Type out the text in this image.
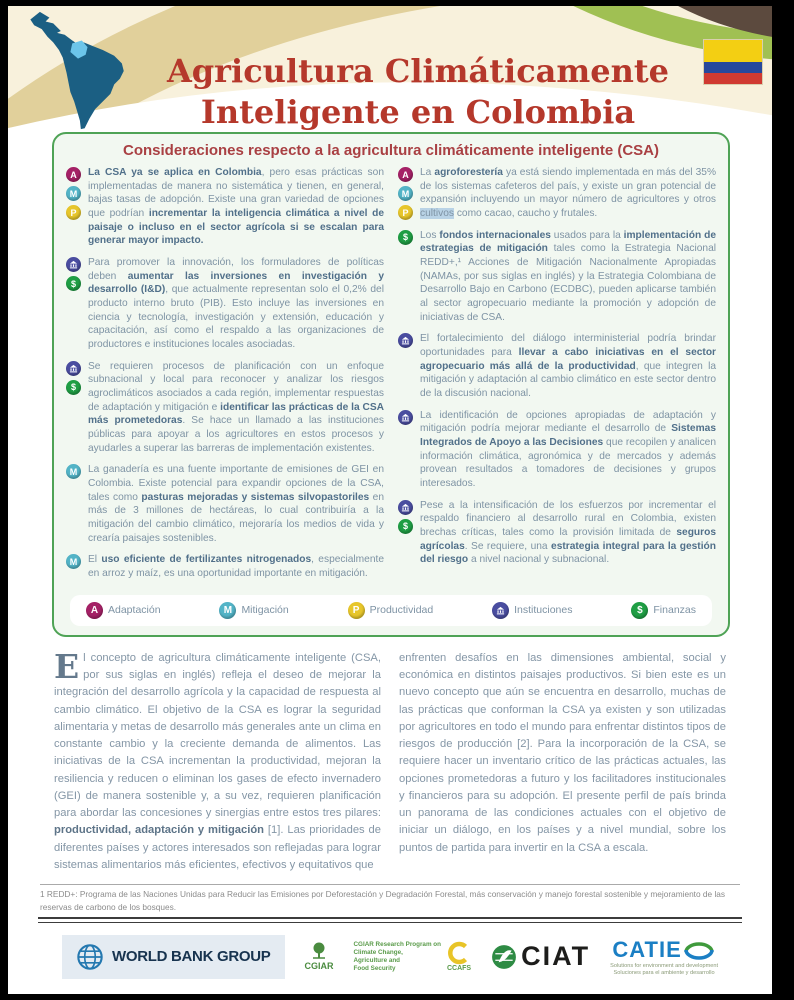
Agricultura Climáticamente
Inteligente en Colombia
Consideraciones respecto a la agricultura climáticamente inteligente (CSA)
A
M
P

La CSA ya se aplica en Colombia, pero esas prácticas son implementadas de manera no sistemática y tienen, en general, bajas tasas de adopción. Existe una gran variedad de opciones que podrían incrementar la inteligencia climática a nivel de paisaje o incluso en el sector agrícola si se escalan para generar mayor impacto.

$

Para promover la innovación, los formuladores de políticas deben aumentar las inversiones en investigación y desarrollo (I&D), que actualmente representan solo el 0,2% del producto interno bruto (PIB). Esto incluye las inversiones en ciencia y tecnología, investigación y extensión, educación y capacitación, así como el respaldo a las organizaciones de productores e instituciones locales asociadas.

$

Se requieren procesos de planificación con un enfoque subnacional y local para reconocer y analizar los riesgos agroclimáticos asociados a cada región, implementar respuestas de adaptación y mitigación e identificar las prácticas de la CSA más prometedoras. Se hace un llamado a las instituciones públicas para apoyar a los agricultores en estos procesos y ayudarles a superar las barreras de implementación existentes.

M	La ganadería es una fuente importante de emisiones de GEI en Colombia. Existe potencial para expandir opciones de la CSA, tales como pasturas mejoradas y sistemas silvopastoriles en más de 3 millones de hectáreas, lo cual contribuiría a la mitigación del cambio climático, mejoraría los medios de vida y crearía paisajes sostenibles.

M	El uso eficiente de fertilizantes nitrogenados, especialmente en arroz y maíz, es una oportunidad importante en mitigación.

A
M
P

La agroforestería ya está siendo implementada en más del 35% de los sistemas cafeteros del país, y existe un gran potencial de expansión incluyendo un mayor número de agricultores y otros cultivos como cacao, caucho y frutales.

$	Los fondos internacionales usados para la implementación de estrategias de mitigación tales como la Estrategia Nacional REDD+,¹ Acciones de Mitigación Nacionalmente Apropiadas (NAMAs, por sus siglas en inglés) y la Estrategia Colombiana de Desarrollo Bajo en Carbono (ECDBC), pueden aplicarse también al sector agropecuario mediante la promoción y adopción de iniciativas de CSA.

El fortalecimiento del diálogo interministerial podría brindar oportunidades para llevar a cabo iniciativas en el sector agropecuario más allá de la productividad, que integren la mitigación y adaptación al cambio climático en este sector dentro de la discusión nacional.

La identificación de opciones apropiadas de adaptación y mitigación podría mejorar mediante el desarrollo de Sistemas Integrados de Apoyo a las Decisiones que recopilen y analicen información climática, agronómica y de mercados y además provean resultados a tomadores de decisiones y grupos interesados.

$

Pese a la intensificación de los esfuerzos por incrementar el respaldo financiero al desarrollo rural en Colombia, existen brechas críticas, tales como la provisión limitada de seguros agrícolas. Se requiere, una estrategia integral para la gestión del riesgo a nivel nacional y subnacional.

A Adaptación	M Mitigación	P Productividad	Instituciones	$	Finanzas
El concepto de agricultura climáticamente inteligente (CSA, por sus siglas en inglés) refleja el deseo de mejorar la integración del desarrollo agrícola y la capacidad de respuesta al cambio climático. El objetivo de la CSA es lograr la seguridad alimentaria y metas de desarrollo más generales ante un clima en constante cambio y la creciente demanda de alimentos. Las iniciativas de la CSA incrementan la productividad, mejoran la resiliencia y reducen o eliminan los gases de efecto invernadero (GEI) de manera sostenible y, a su vez, requieren planificación para abordar las concesiones y sinergias entre estos tres pilares: productividad, adaptación y mitigación [1]. Las prioridades de diferentes países y actores interesados son reflejadas para lograr sistemas alimentarios más eficientes, efectivos y equitativos que
enfrenten desafíos en las dimensiones ambiental, social y económica en distintos paisajes productivos. Si bien este es un nuevo concepto que aún se encuentra en desarrollo, muchas de las prácticas que conforman la CSA ya existen y son utilizadas por agricultores en todo el mundo para enfrentar distintos tipos de riesgos de producción [2]. Para la incorporación de la CSA, se requiere hacer un inventario crítico de las prácticas actuales, las opciones prometedoras a futuro y los facilitadores institucionales y financieros para su adopción. El presente perfil de país brinda un panorama de las condiciones actuales con el objetivo de iniciar un diálogo, en los países y a nivel mundial, sobre los puntos de partida para invertir en la CSA a escala.

1 REDD+: Programa de las Naciones Unidas para Reducir las Emisiones por Deforestación y Degradación Forestal, más conservación y manejo forestal sostenible y mejoramiento de las reservas de carbono de los bosques.

WORLD BANK GROUP
CGIAR
CGIAR Research Program on
Climate Change,
Agriculture and
Food Security	CCAFS CIAT CATIE
Solutions for environment and development
Soluciones para el ambiente y desarrollo
